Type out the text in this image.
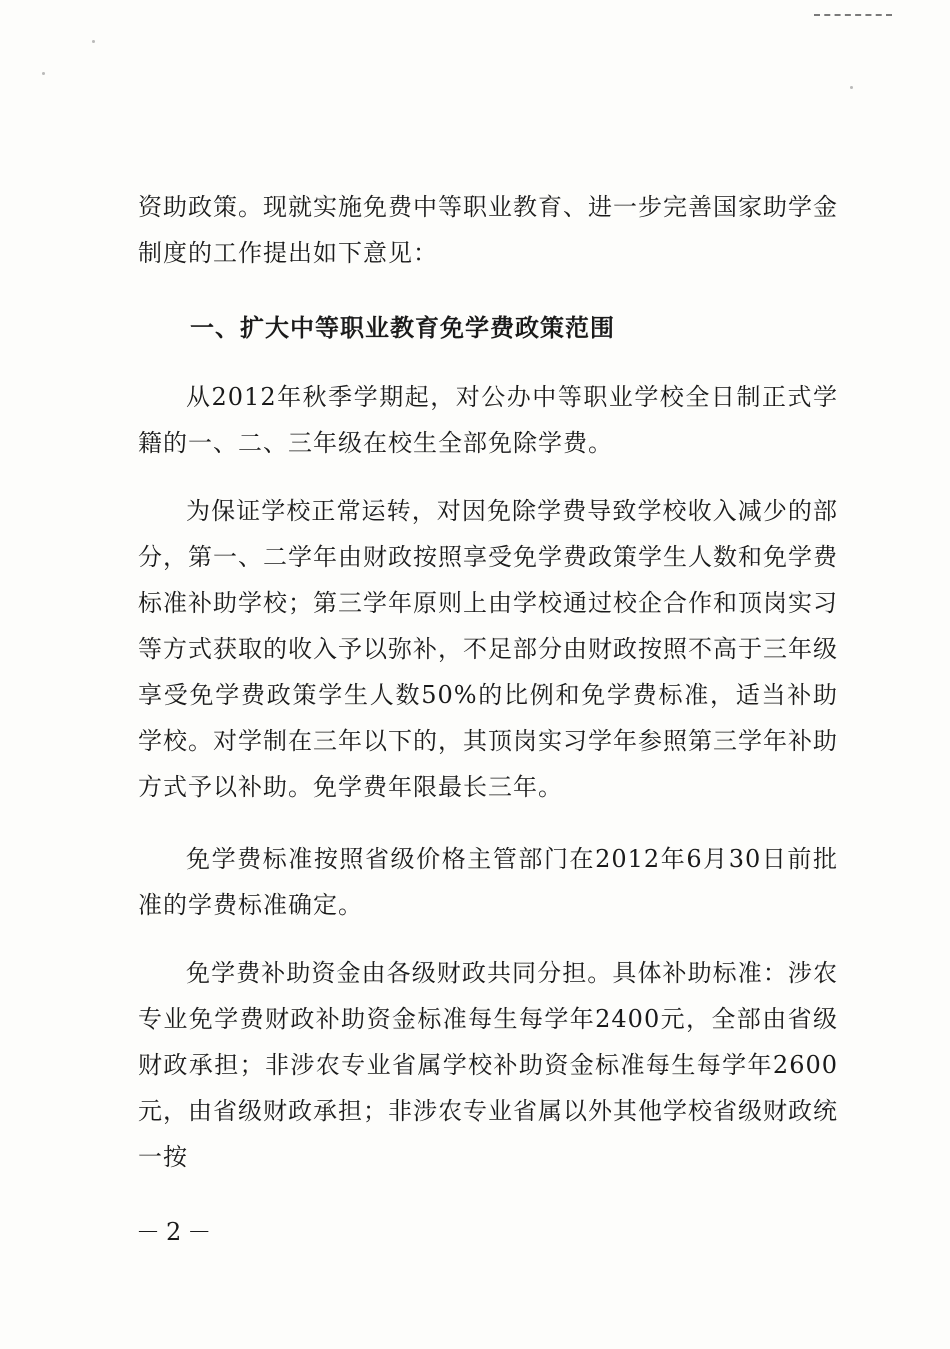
资助政策。现就实施免费中等职业教育、进一步完善国家助学金制度的工作提出如下意见：

一、扩大中等职业教育免学费政策范围

从2012年秋季学期起，对公办中等职业学校全日制正式学籍的一、二、三年级在校生全部免除学费。

为保证学校正常运转，对因免除学费导致学校收入减少的部分，第一、二学年由财政按照享受免学费政策学生人数和免学费标准补助学校；第三学年原则上由学校通过校企合作和顶岗实习等方式获取的收入予以弥补，不足部分由财政按照不高于三年级享受免学费政策学生人数50%的比例和免学费标准，适当补助学校。对学制在三年以下的，其顶岗实习学年参照第三学年补助方式予以补助。免学费年限最长三年。

免学费标准按照省级价格主管部门在2012年6月30日前批准的学费标准确定。

免学费补助资金由各级财政共同分担。具体补助标准：涉农专业免学费财政补助资金标准每生每学年2400元，全部由省级财政承担；非涉农专业省属学校补助资金标准每生每学年2600元，由省级财政承担；非涉农专业省属以外其他学校省级财政统一按

－2－
